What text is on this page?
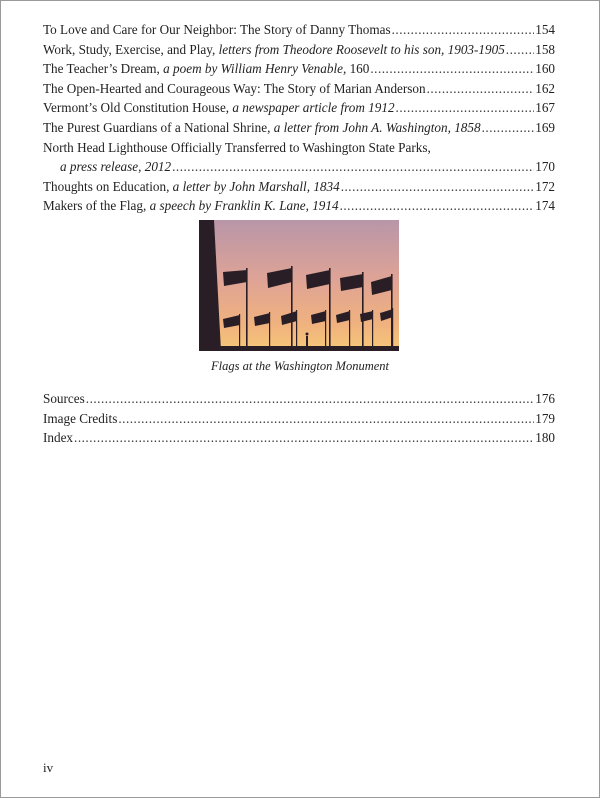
To Love and Care for Our Neighbor: The Story of Danny Thomas .....	154
Work, Study, Exercise, and Play, letters from Theodore Roosevelt to his son, 1903-1905 ..... 158
The Teacher’s Dream, a poem by William Henry Venable, 160 .....	160
The Open-Hearted and Courageous Way: The Story of Marian Anderson .....	162
Vermont’s Old Constitution House, a newspaper article from 1912 .....	167
The Purest Guardians of a National Shrine, a letter from John A. Washington, 1858 .....	169
North Head Lighthouse Officially Transferred to Washington State Parks,
a press release, 2012 .....	170
Thoughts on Education, a letter by John Marshall, 1834 .....	172
Makers of the Flag, a speech by Franklin K. Lane, 1914 .....	174
Flags at the Washington Monument
Sources .....	176
Image Credits .....	179
Index .....	180
iv
